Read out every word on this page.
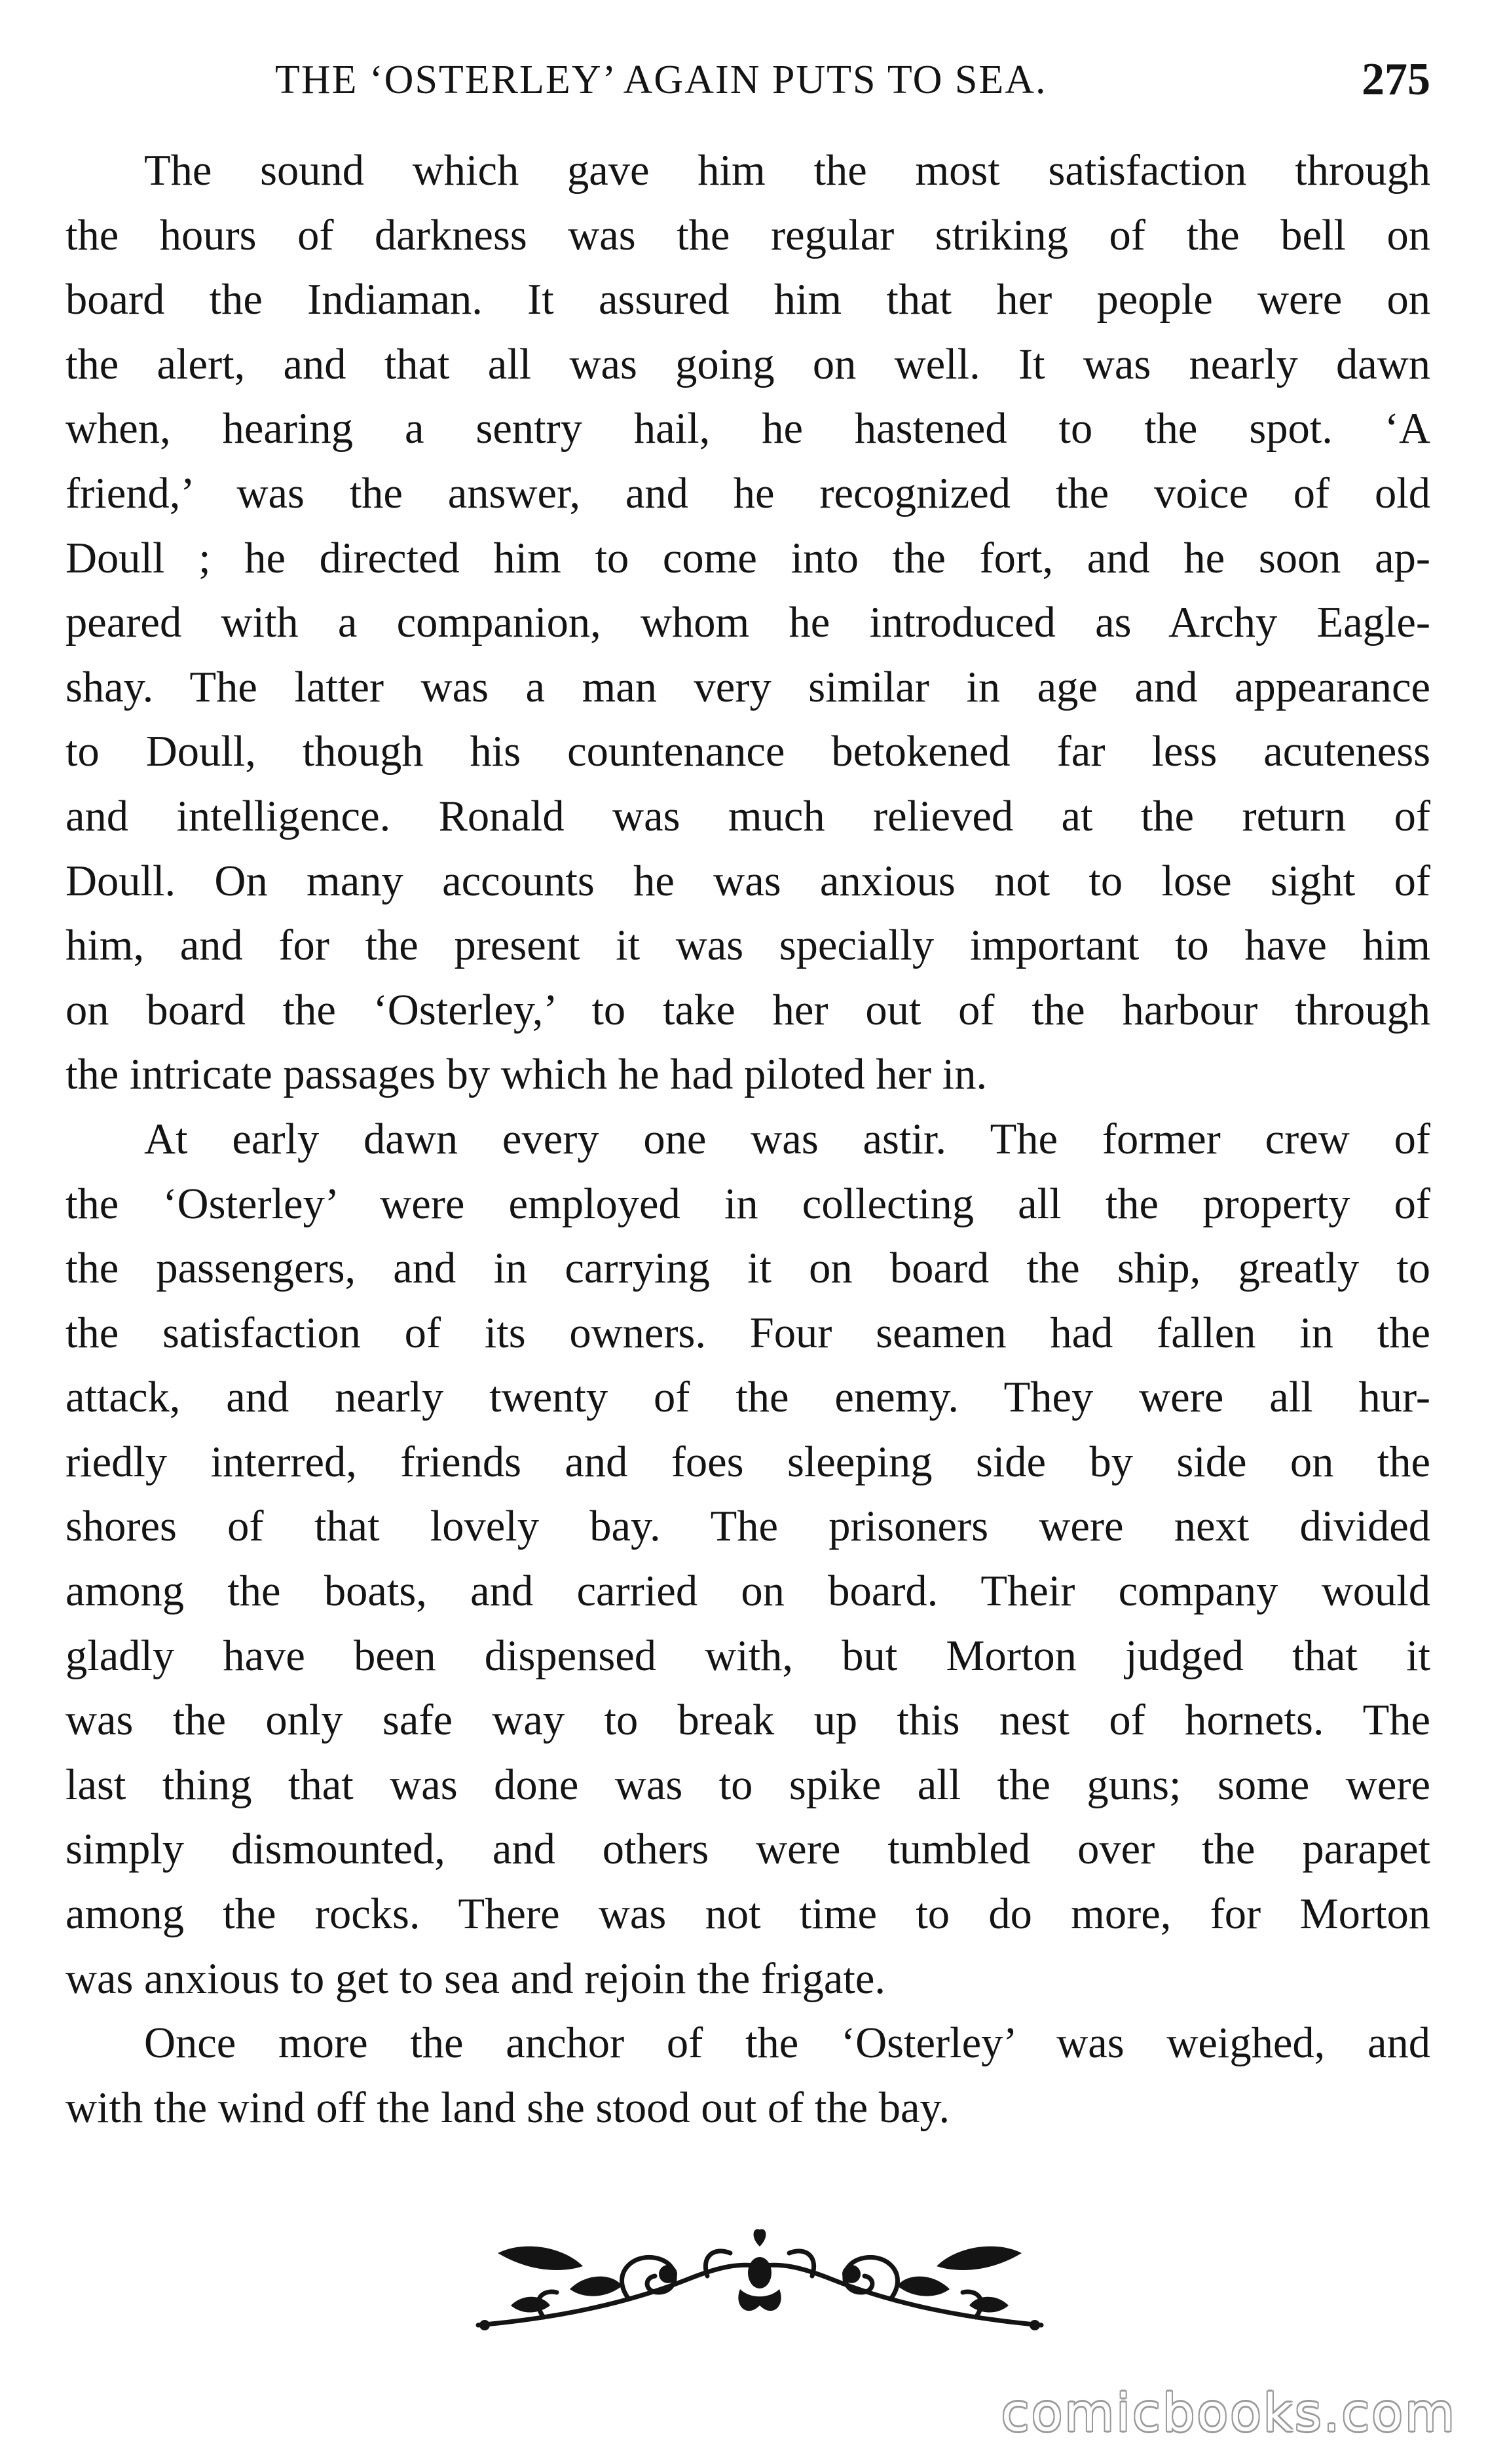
THE ‘OSTERLEY’ AGAIN PUTS TO SEA.	275
The sound which gave him the most satisfaction through
the hours of darkness was the regular striking of the bell on
board the Indiaman. It assured him that her people were on
the alert, and that all was going on well. It was nearly dawn
when, hearing a sentry hail, he hastened to the spot. ‘A
friend,’ was the answer, and he recognized the voice of old
Doull ; he directed him to come into the fort, and he soon ap-
peared with a companion, whom he introduced as Archy Eagle-
shay. The latter was a man very similar in age and appearance
to Doull, though his countenance betokened far less acuteness
and intelligence. Ronald was much relieved at the return of
Doull. On many accounts he was anxious not to lose sight of
him, and for the present it was specially important to have him
on board the ‘Osterley,’ to take her out of the harbour through
the intricate passages by which he had piloted her in.
At early dawn every one was astir. The former crew of
the ‘Osterley’ were employed in collecting all the property of
the passengers, and in carrying it on board the ship, greatly to
the satisfaction of its owners. Four seamen had fallen in the
attack, and nearly twenty of the enemy. They were all hur-
riedly interred, friends and foes sleeping side by side on the
shores of that lovely bay. The prisoners were next divided
among the boats, and carried on board. Their company would
gladly have been dispensed with, but Morton judged that it
was the only safe way to break up this nest of hornets. The
last thing that was done was to spike all the guns; some were
simply dismounted, and others were tumbled over the parapet
among the rocks. There was not time to do more, for Morton
was anxious to get to sea and rejoin the frigate.
Once more the anchor of the ‘Osterley’ was weighed, and
with the wind off the land she stood out of the bay.
comicbooks.com
